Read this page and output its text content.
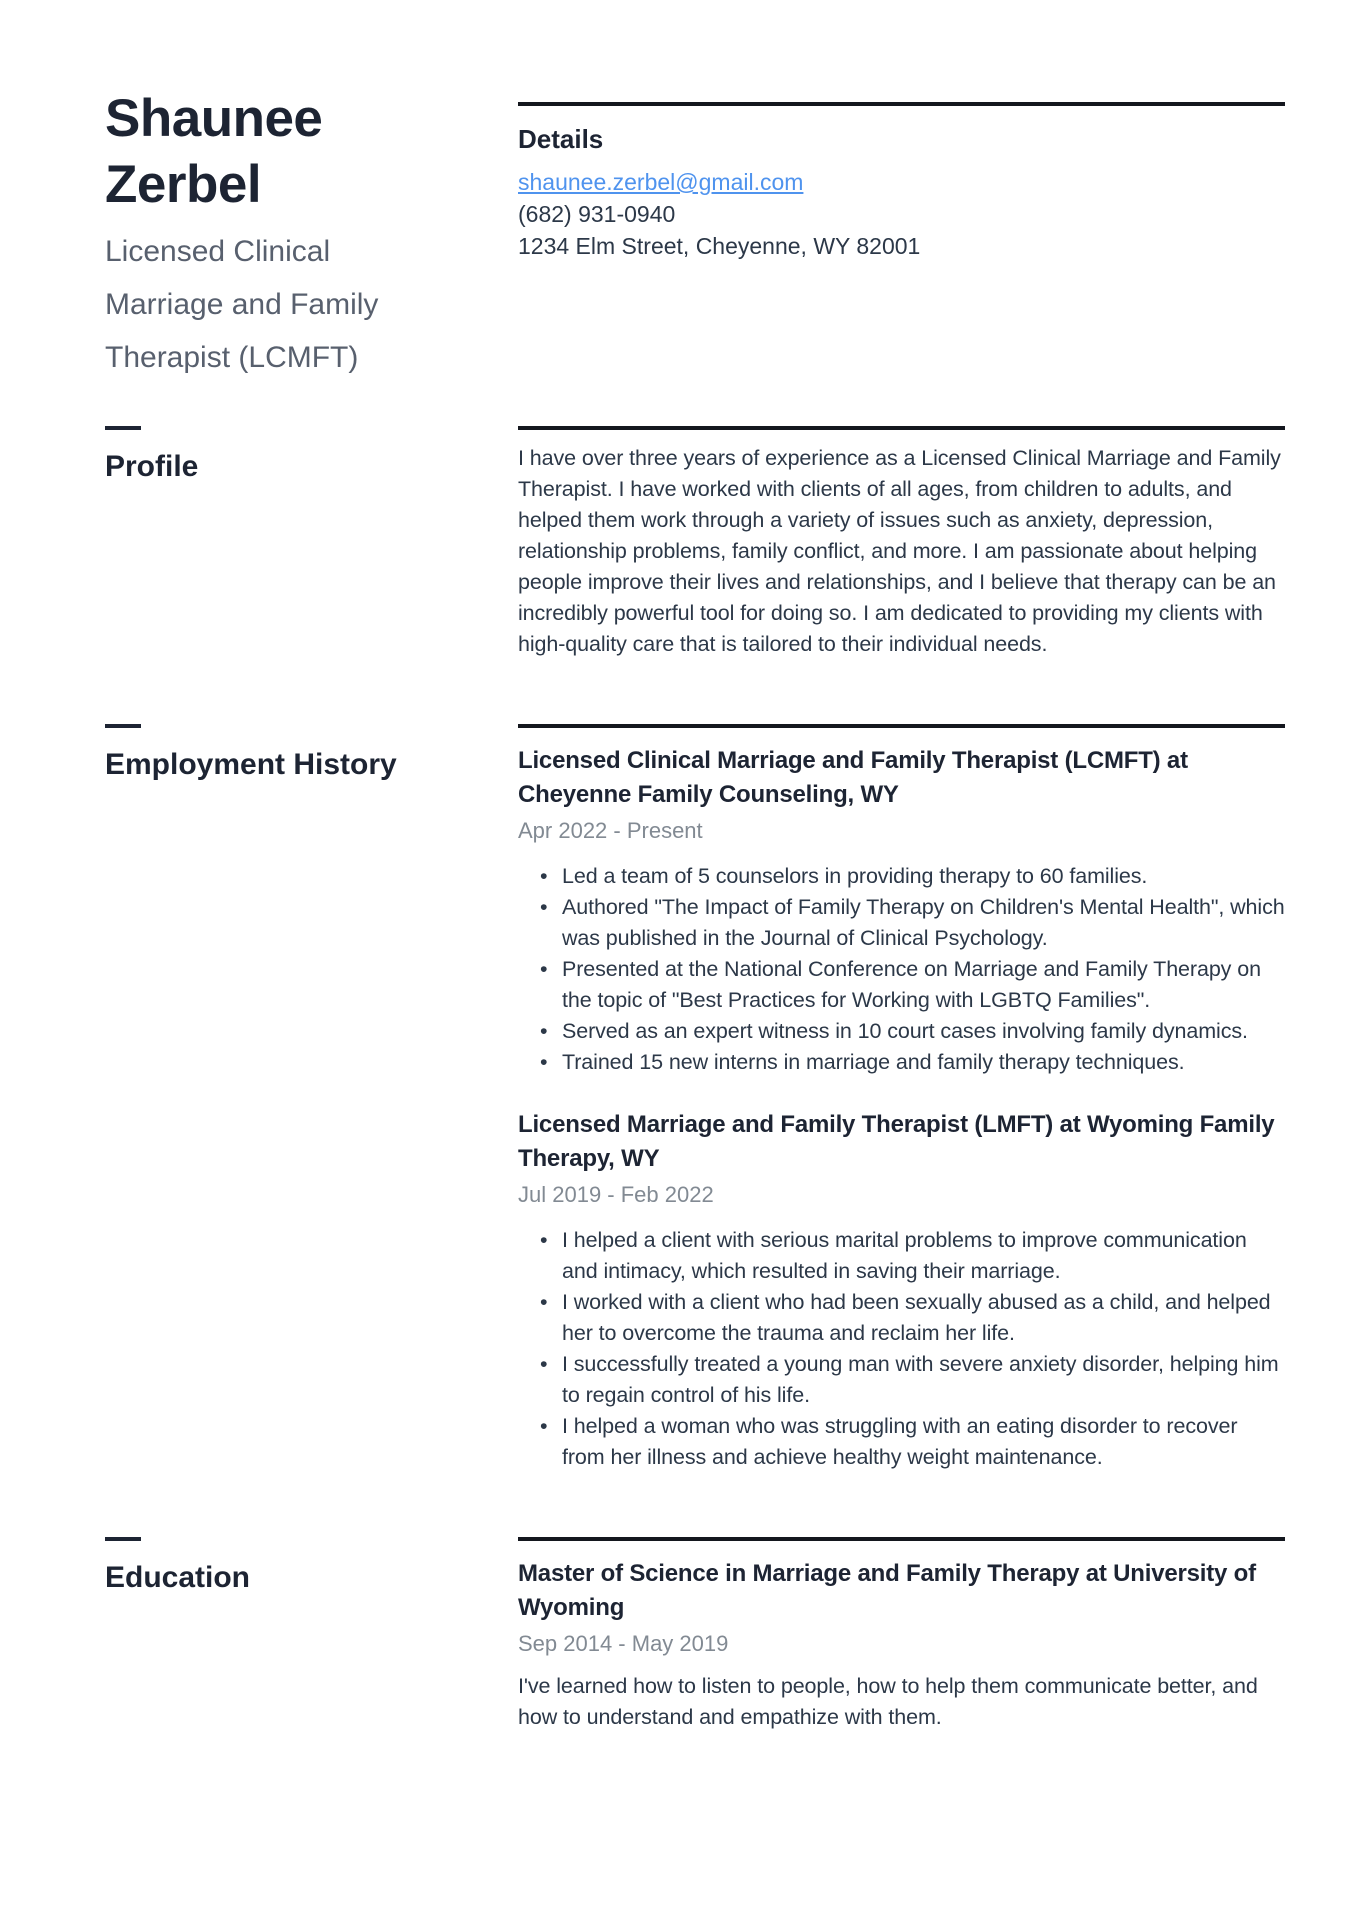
Shaunee Zerbel
Licensed Clinical Marriage and Family Therapist (LCMFT)
Details
shaunee.zerbel@gmail.com
(682) 931-0940
1234 Elm Street, Cheyenne, WY 82001
Profile	I have over three years of experience as a Licensed Clinical Marriage and Family Therapist. I have worked with clients of all ages, from children to adults, and helped them work through a variety of issues such as anxiety, depression, relationship problems, family conflict, and more. I am passionate about helping people improve their lives and relationships, and I believe that therapy can be an incredibly powerful tool for doing so. I am dedicated to providing my clients with high-quality care that is tailored to their individual needs.

Employment History	Licensed Clinical Marriage and Family Therapist (LCMFT) at Cheyenne Family Counseling, WY
Apr 2022 - Present
• Led a team of 5 counselors in providing therapy to 60 families.
• Authored "The Impact of Family Therapy on Children's Mental Health", which was published in the Journal of Clinical Psychology.
• Presented at the National Conference on Marriage and Family Therapy on the topic of "Best Practices for Working with LGBTQ Families".
• Served as an expert witness in 10 court cases involving family dynamics.
• Trained 15 new interns in marriage and family therapy techniques.
Licensed Marriage and Family Therapist (LMFT) at Wyoming Family Therapy, WY
Jul 2019 - Feb 2022
• I helped a client with serious marital problems to improve communication and intimacy, which resulted in saving their marriage.
• I worked with a client who had been sexually abused as a child, and helped her to overcome the trauma and reclaim her life.
• I successfully treated a young man with severe anxiety disorder, helping him to regain control of his life.
• I helped a woman who was struggling with an eating disorder to recover from her illness and achieve healthy weight maintenance.
Education	Master of Science in Marriage and Family Therapy at University of Wyoming
Sep 2014 - May 2019

I've learned how to listen to people, how to help them communicate better, and how to understand and empathize with them.
